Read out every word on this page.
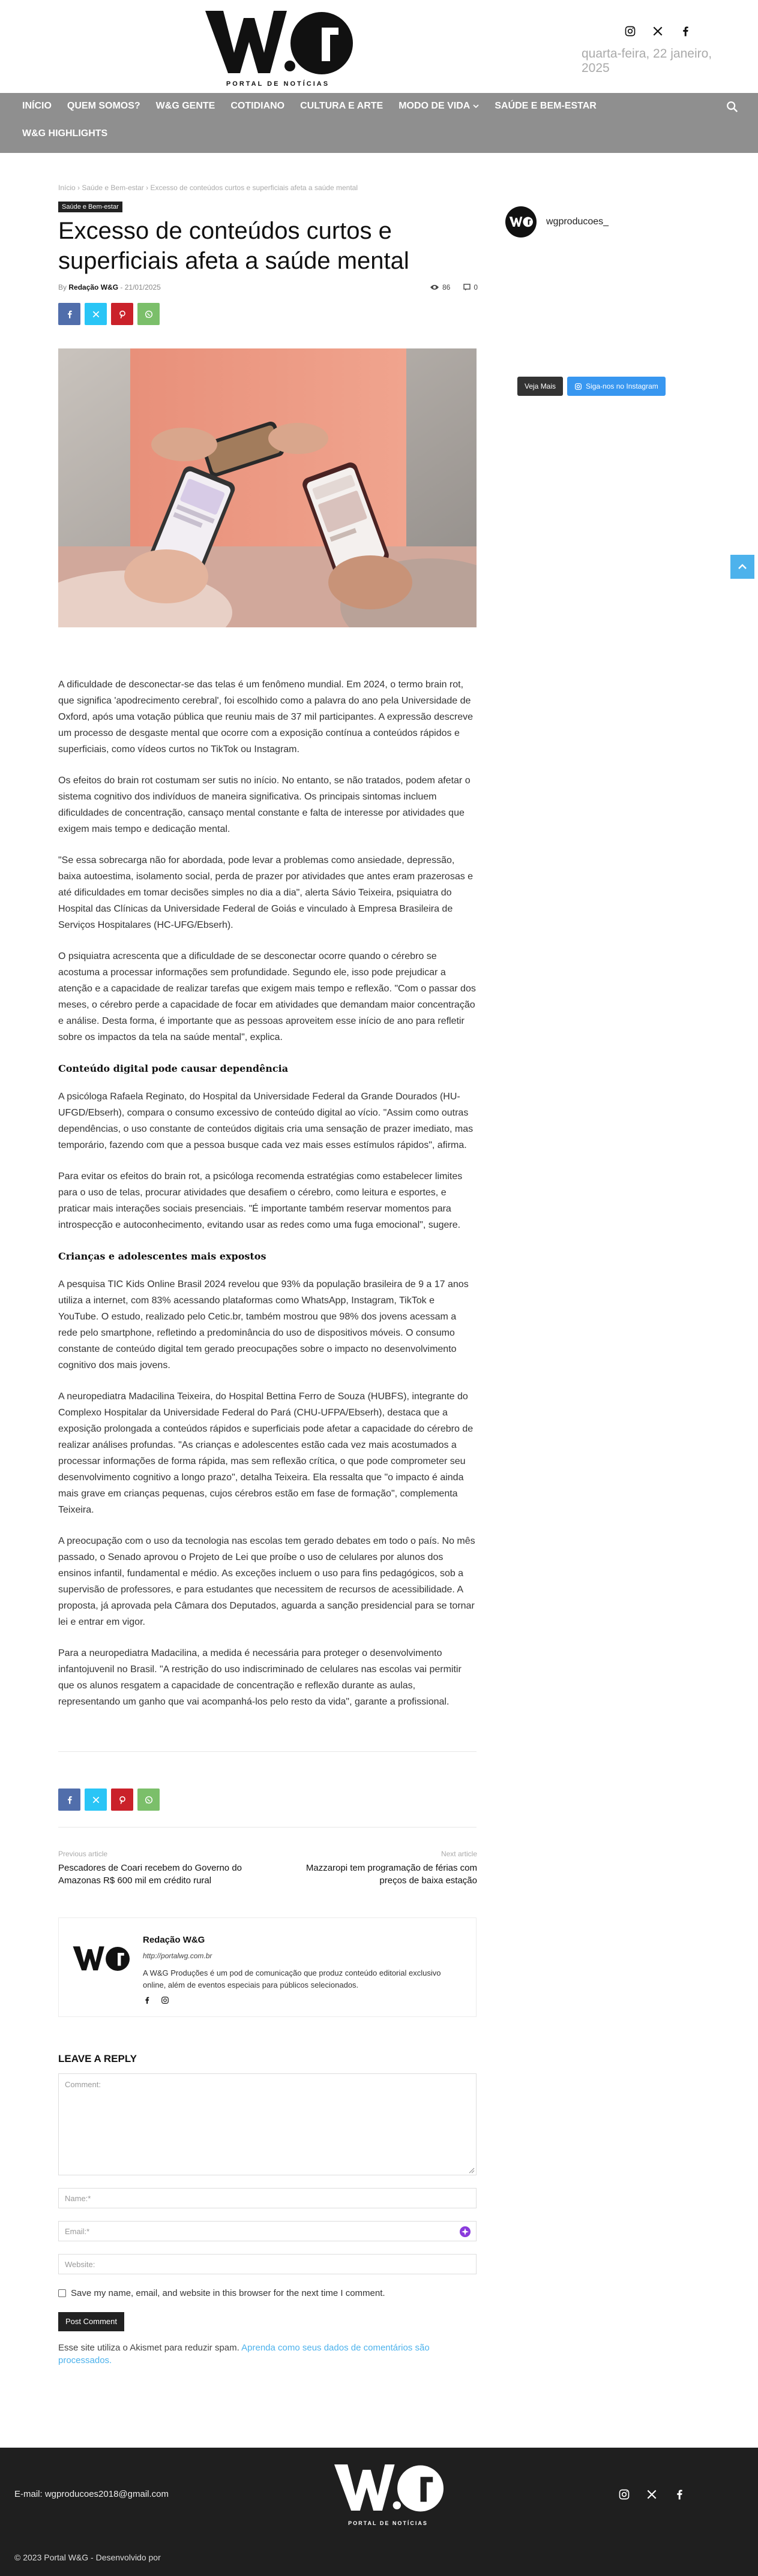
PORTAL DE NOTÍCIAS
quarta-feira, 22 janeiro, 2025
INÍCIO	QUEM SOMOS?	W&G GENTE	COTIDIANO	CULTURA E ARTE	MODO DE VIDA	SAÚDE E BEM-ESTAR
W&G HIGHLIGHTS
Início › Saúde e Bem-estar › Excesso de conteúdos curtos e superficiais afeta a saúde mental
Saúde e Bem-estar
Excesso de conteúdos curtos e superficiais afeta a saúde mental
By Redação W&G - 21/01/2025	86	0

A dificuldade de desconectar-se das telas é um fenômeno mundial. Em 2024, o termo brain rot, que significa 'apodrecimento cerebral', foi escolhido como a palavra do ano pela Universidade de Oxford, após uma votação pública que reuniu mais de 37 mil participantes. A expressão descreve um processo de desgaste mental que ocorre com a exposição contínua a conteúdos rápidos e superficiais, como vídeos curtos no TikTok ou Instagram.

Os efeitos do brain rot costumam ser sutis no início. No entanto, se não tratados, podem afetar o sistema cognitivo dos indivíduos de maneira significativa. Os principais sintomas incluem dificuldades de concentração, cansaço mental constante e falta de interesse por atividades que exigem mais tempo e dedicação mental.

"Se essa sobrecarga não for abordada, pode levar a problemas como ansiedade, depressão, baixa autoestima, isolamento social, perda de prazer por atividades que antes eram prazerosas e até dificuldades em tomar decisões simples no dia a dia", alerta Sávio Teixeira, psiquiatra do Hospital das Clínicas da Universidade Federal de Goiás e vinculado à Empresa Brasileira de Serviços Hospitalares (HC-UFG/Ebserh).

O psiquiatra acrescenta que a dificuldade de se desconectar ocorre quando o cérebro se acostuma a processar informações sem profundidade. Segundo ele, isso pode prejudicar a atenção e a capacidade de realizar tarefas que exigem mais tempo e reflexão. "Com o passar dos meses, o cérebro perde a capacidade de focar em atividades que demandam maior concentração e análise. Desta forma, é importante que as pessoas aproveitem esse início de ano para refletir sobre os impactos da tela na saúde mental", explica.

Conteúdo digital pode causar dependência

A psicóloga Rafaela Reginato, do Hospital da Universidade Federal da Grande Dourados (HU-UFGD/Ebserh), compara o consumo excessivo de conteúdo digital ao vício. "Assim como outras dependências, o uso constante de conteúdos digitais cria uma sensação de prazer imediato, mas temporário, fazendo com que a pessoa busque cada vez mais esses estímulos rápidos", afirma.

Para evitar os efeitos do brain rot, a psicóloga recomenda estratégias como estabelecer limites para o uso de telas, procurar atividades que desafiem o cérebro, como leitura e esportes, e praticar mais interações sociais presenciais. "É importante também reservar momentos para introspecção e autoconhecimento, evitando usar as redes como uma fuga emocional", sugere.

Crianças e adolescentes mais expostos

A pesquisa TIC Kids Online Brasil 2024 revelou que 93% da população brasileira de 9 a 17 anos utiliza a internet, com 83% acessando plataformas como WhatsApp, Instagram, TikTok e YouTube. O estudo, realizado pelo Cetic.br, também mostrou que 98% dos jovens acessam a rede pelo smartphone, refletindo a predominância do uso de dispositivos móveis. O consumo constante de conteúdo digital tem gerado preocupações sobre o impacto no desenvolvimento cognitivo dos mais jovens.

A neuropediatra Madacilina Teixeira, do Hospital Bettina Ferro de Souza (HUBFS), integrante do Complexo Hospitalar da Universidade Federal do Pará (CHU-UFPA/Ebserh), destaca que a exposição prolongada a conteúdos rápidos e superficiais pode afetar a capacidade do cérebro de realizar análises profundas. "As crianças e adolescentes estão cada vez mais acostumados a processar informações de forma rápida, mas sem reflexão crítica, o que pode comprometer seu desenvolvimento cognitivo a longo prazo", detalha Teixeira. Ela ressalta que "o impacto é ainda mais grave em crianças pequenas, cujos cérebros estão em fase de formação", complementa Teixeira.

A preocupação com o uso da tecnologia nas escolas tem gerado debates em todo o país. No mês passado, o Senado aprovou o Projeto de Lei que proíbe o uso de celulares por alunos dos ensinos infantil, fundamental e médio. As exceções incluem o uso para fins pedagógicos, sob a supervisão de professores, e para estudantes que necessitem de recursos de acessibilidade. A proposta, já aprovada pela Câmara dos Deputados, aguarda a sanção presidencial para se tornar lei e entrar em vigor.

Para a neuropediatra Madacilina, a medida é necessária para proteger o desenvolvimento infantojuvenil no Brasil. "A restrição do uso indiscriminado de celulares nas escolas vai permitir que os alunos resgatem a capacidade de concentração e reflexão durante as aulas, representando um ganho que vai acompanhá-los pelo resto da vida", garante a profissional.

Previous article
Pescadores de Coari recebem do Governo do Amazonas R$ 600 mil em crédito rural
Next article
Mazzaropi tem programação de férias com preços de baixa estação
Redação W&G
http://portalwg.com.br
A W&G Produções é um pod de comunicação que produz conteúdo editorial exclusivo online, além de eventos especiais para públicos selecionados.
LEAVE A REPLY
Comment:
Name:*
Email:*
Website:
Save my name, email, and website in this browser for the next time I comment.
Post Comment
Esse site utiliza o Akismet para reduzir spam. Aprenda como seus dados de comentários são processados.
wgproducoes_
Veja Mais	Siga-nos no Instagram
E-mail: wgproducoes2018@gmail.com
PORTAL DE NOTÍCIAS
© 2023 Portal W&G - Desenvolvido por
